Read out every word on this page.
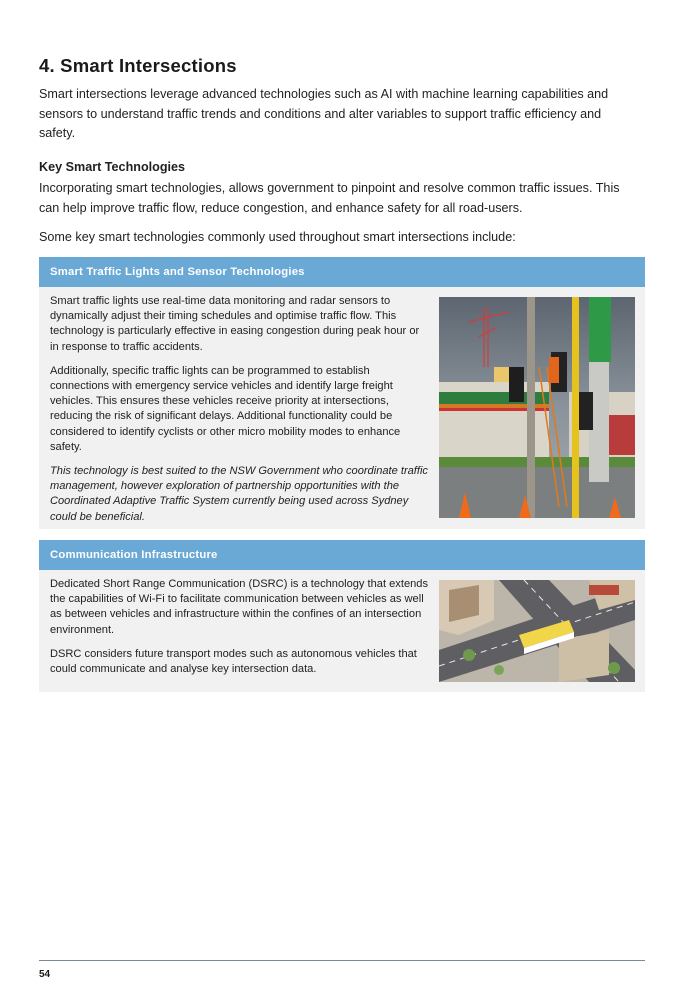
4. Smart Intersections

Smart intersections leverage advanced technologies such as AI with machine learning capabilities and sensors to understand traffic trends and conditions and alter variables to support traffic efficiency and safety.

Key Smart Technologies

Incorporating smart technologies, allows government to pinpoint and resolve common traffic issues. This can help improve traffic flow, reduce congestion, and enhance safety for all road-users.

Some key smart technologies commonly used throughout smart intersections include:

Smart Traffic Lights and Sensor Technologies

Smart traffic lights use real-time data monitoring and radar sensors to dynamically adjust their timing schedules and optimise traffic flow. This technology is particularly effective in easing congestion during peak hour or in response to traffic accidents.

Additionally, specific traffic lights can be programmed to establish connections with emergency service vehicles and identify large freight vehicles. This ensures these vehicles receive priority at intersections, reducing the risk of significant delays. Additional functionality could be considered to identify cyclists or other micro mobility modes to enhance safety.

This technology is best suited to the NSW Government who coordinate traffic management, however exploration of partnership opportunities with the Coordinated Adaptive Traffic System currently being used across Sydney could be beneficial.

Communication Infrastructure

Dedicated Short Range Communication (DSRC) is a technology that extends the capabilities of Wi-Fi to facilitate communication between vehicles as well as between vehicles and infrastructure within the confines of an intersection environment.

DSRC considers future transport modes such as autonomous vehicles that could communicate and analyse key intersection data.

54
